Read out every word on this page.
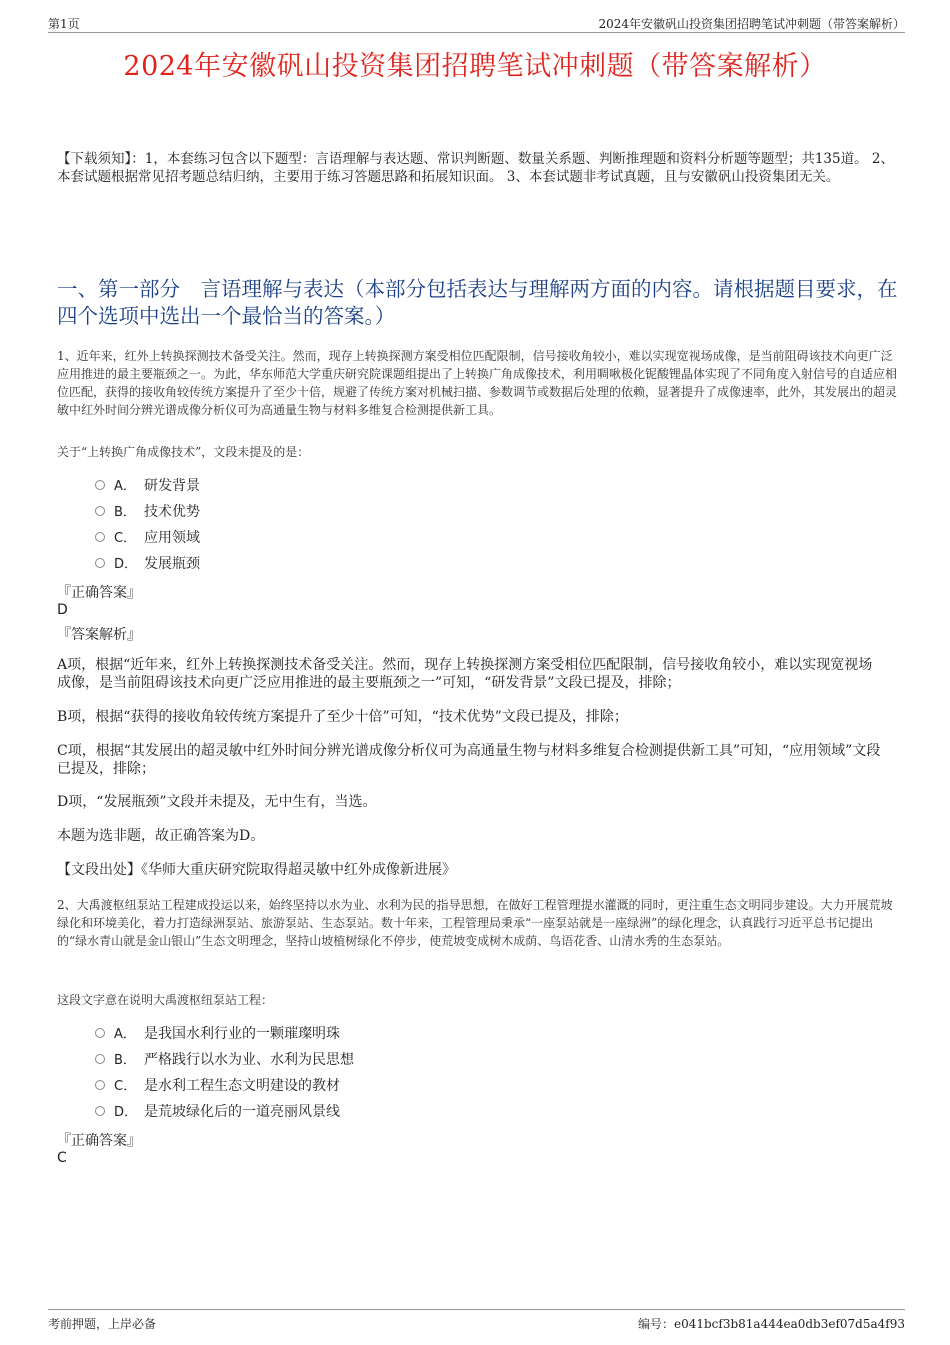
第1页	2024年安徽矾山投资集团招聘笔试冲刺题（带答案解析）
2024年安徽矾山投资集团招聘笔试冲刺题（带答案解析）
【下载须知】：1，本套练习包含以下题型：言语理解与表达题、常识判断题、数量关系题、判断推理题和资料分析题等题型；共135道。 2、本套试题根据常见招考题总结归纳，主要用于练习答题思路和拓展知识面。 3、本套试题非考试真题，且与安徽矾山投资集团无关。
一、第一部分　言语理解与表达（本部分包括表达与理解两方面的内容。请根据题目要求，在四个选项中选出一个最恰当的答案。）
1、近年来，红外上转换探测技术备受关注。然而，现存上转换探测方案受相位匹配限制，信号接收角较小，难以实现宽视场成像，是当前阻碍该技术向更广泛应用推进的最主要瓶颈之一。为此，华东师范大学重庆研究院课题组提出了上转换广角成像技术，利用啁啾极化铌酸锂晶体实现了不同角度入射信号的自适应相位匹配，获得的接收角较传统方案提升了至少十倍，规避了传统方案对机械扫描、参数调节或数据后处理的依赖，显著提升了成像速率，此外，其发展出的超灵敏中红外时间分辨光谱成像分析仪可为高通量生物与材料多维复合检测提供新工具。
关于“上转换广角成像技术”，文段未提及的是：
A． 研发背景
B． 技术优势
C． 应用领域
D． 发展瓶颈
『正确答案』
D
『答案解析』
A项，根据“近年来，红外上转换探测技术备受关注。然而，现存上转换探测方案受相位匹配限制，信号接收角较小，难以实现宽视场成像，是当前阻碍该技术向更广泛应用推进的最主要瓶颈之一”可知，“研发背景”文段已提及，排除；
B项，根据“获得的接收角较传统方案提升了至少十倍”可知，“技术优势”文段已提及，排除；
C项，根据“其发展出的超灵敏中红外时间分辨光谱成像分析仪可为高通量生物与材料多维复合检测提供新工具”可知，“应用领域”文段已提及，排除；
D项，“发展瓶颈”文段并未提及，无中生有，当选。
本题为选非题，故正确答案为D。
【文段出处】《华师大重庆研究院取得超灵敏中红外成像新进展》
2、大禹渡枢纽泵站工程建成投运以来，始终坚持以水为业、水利为民的指导思想，在做好工程管理提水灌溉的同时，更注重生态文明同步建设。大力开展荒坡绿化和环境美化，着力打造绿洲泵站、旅游泵站、生态泵站。数十年来，工程管理局秉承“一座泵站就是一座绿洲”的绿化理念，认真践行习近平总书记提出的“绿水青山就是金山银山”生态文明理念，坚持山坡植树绿化不停步，使荒坡变成树木成荫、鸟语花香、山清水秀的生态泵站。
这段文字意在说明大禹渡枢纽泵站工程：
A． 是我国水利行业的一颗璀璨明珠
B． 严格践行以水为业、水利为民思想
C． 是水利工程生态文明建设的教材
D． 是荒坡绿化后的一道亮丽风景线
『正确答案』
C
考前押题，上岸必备	编号：e041bcf3b81a444ea0db3ef07d5a4f93
